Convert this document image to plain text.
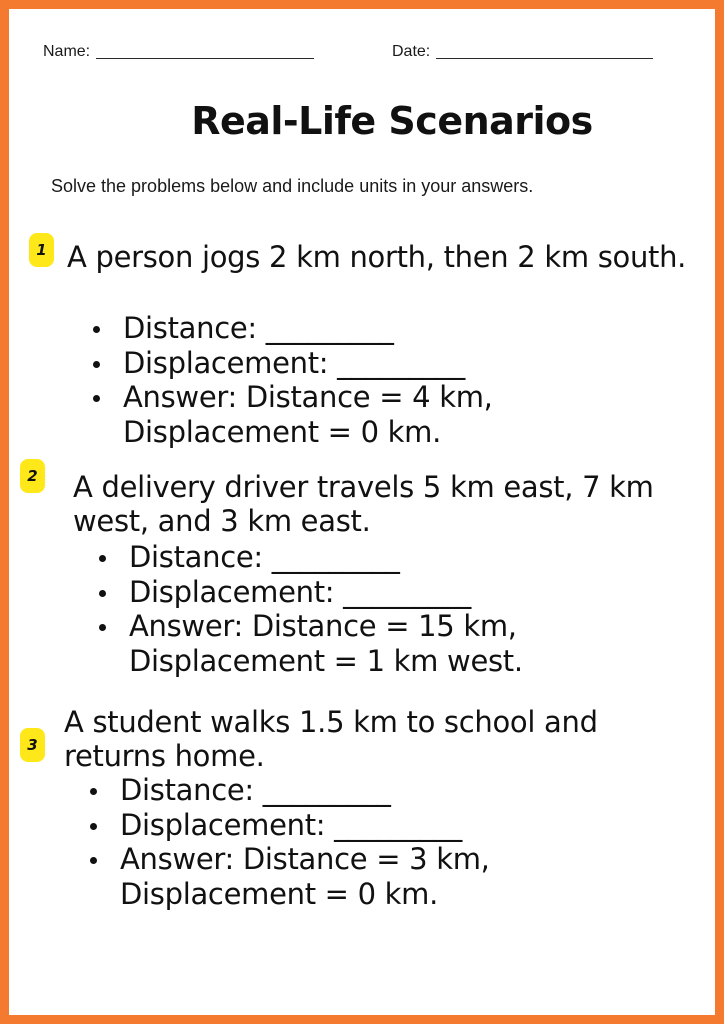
Name:	Date:
Real-Life Scenarios

Solve the problems below and include units in your answers.

1 A person jogs 2 km north, then 2 km south.

Distance: _________
Displacement: _________
Answer: Distance = 4 km, Displacement = 0 km.
2 A delivery driver travels 5 km east, 7 km west, and 3 km east.

Distance: _________
Displacement: _________
Answer: Distance = 15 km, Displacement = 1 km west.
3

A student walks 1.5 km to school and returns home.

Distance: _________
Displacement: _________
Answer: Distance = 3 km, Displacement = 0 km.
